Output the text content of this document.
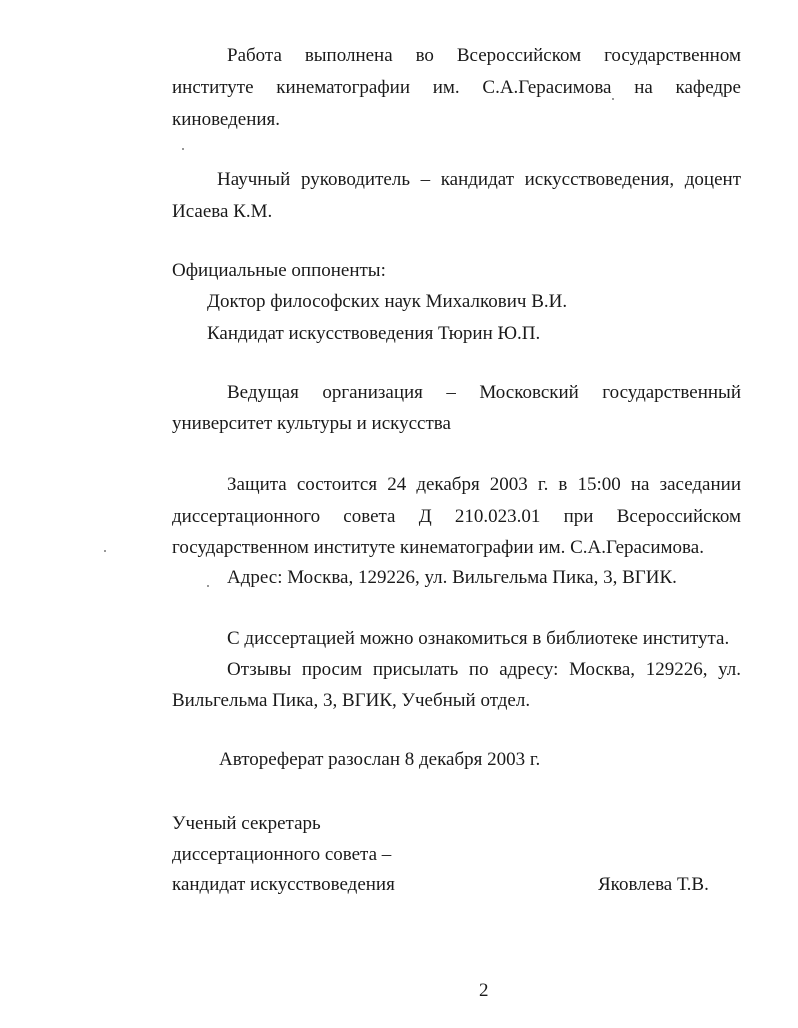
Работа выполнена во Всероссийском государственном

институте кинематографии им. С.А.Герасимова на кафедре

киноведения.

Научный руководитель – кандидат искусствоведения, доцент

Исаева К.М.

Официальные оппоненты:

Доктор философских наук Михалкович В.И.

Кандидат искусствоведения Тюрин Ю.П.

Ведущая организация – Московский государственный

университет культуры и искусства

Защита состоится 24 декабря 2003 г. в 15:00 на заседании

диссертационного совета Д 210.023.01 при Всероссийском

государственном институте кинематографии им. С.А.Герасимова.

Адрес: Москва, 129226, ул. Вильгельма Пика, 3, ВГИК.

С диссертацией можно ознакомиться в библиотеке института.

Отзывы просим присылать по адресу: Москва, 129226, ул.

Вильгельма Пика, 3, ВГИК, Учебный отдел.

Автореферат разослан 8 декабря 2003 г.

Ученый секретарь

диссертационного совета –

кандидат искусствоведения	Яковлева Т.В.

2
